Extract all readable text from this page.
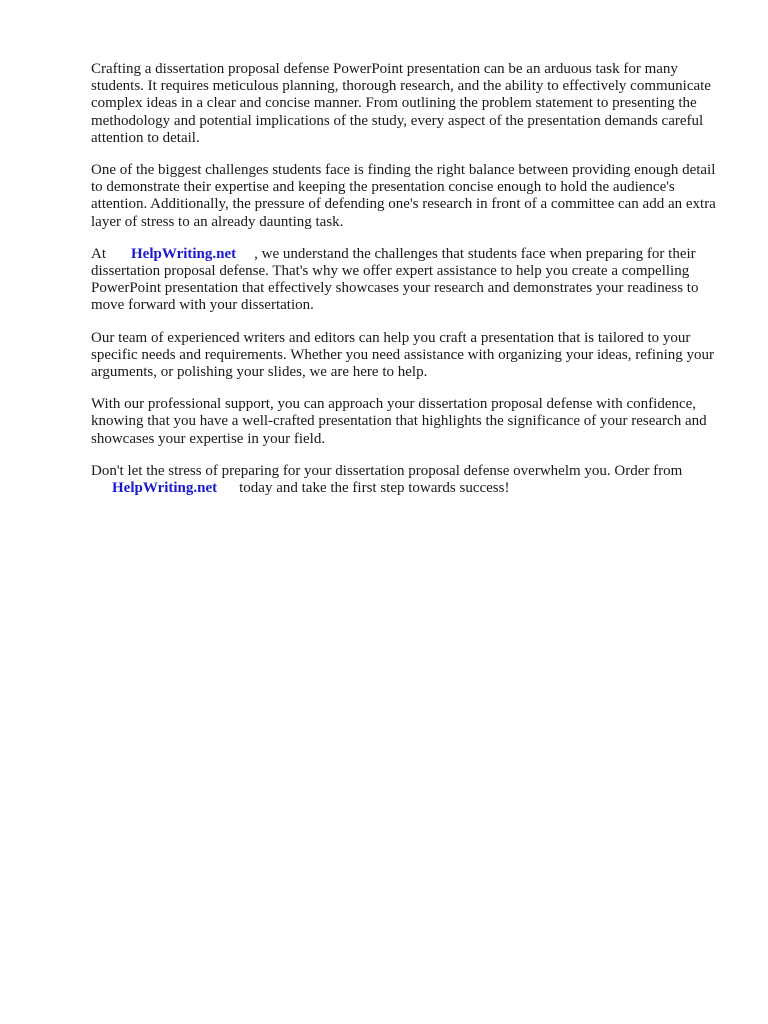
Crafting a dissertation proposal defense PowerPoint presentation can be an arduous task for many students. It requires meticulous planning, thorough research, and the ability to effectively communicate complex ideas in a clear and concise manner. From outlining the problem statement to presenting the methodology and potential implications of the study, every aspect of the presentation demands careful attention to detail.

One of the biggest challenges students face is finding the right balance between providing enough detail to demonstrate their expertise and keeping the presentation concise enough to hold the audience's attention. Additionally, the pressure of defending one's research in front of a committee can add an extra layer of stress to an already daunting task.

At HelpWriting.net , we understand the challenges that students face when preparing for their dissertation proposal defense. That's why we offer expert assistance to help you create a compelling PowerPoint presentation that effectively showcases your research and demonstrates your readiness to move forward with your dissertation.

Our team of experienced writers and editors can help you craft a presentation that is tailored to your specific needs and requirements. Whether you need assistance with organizing your ideas, refining your arguments, or polishing your slides, we are here to help.

With our professional support, you can approach your dissertation proposal defense with confidence, knowing that you have a well-crafted presentation that highlights the significance of your research and showcases your expertise in your field.

Don't let the stress of preparing for your dissertation proposal defense overwhelm you. Order from HelpWriting.net today and take the first step towards success!
